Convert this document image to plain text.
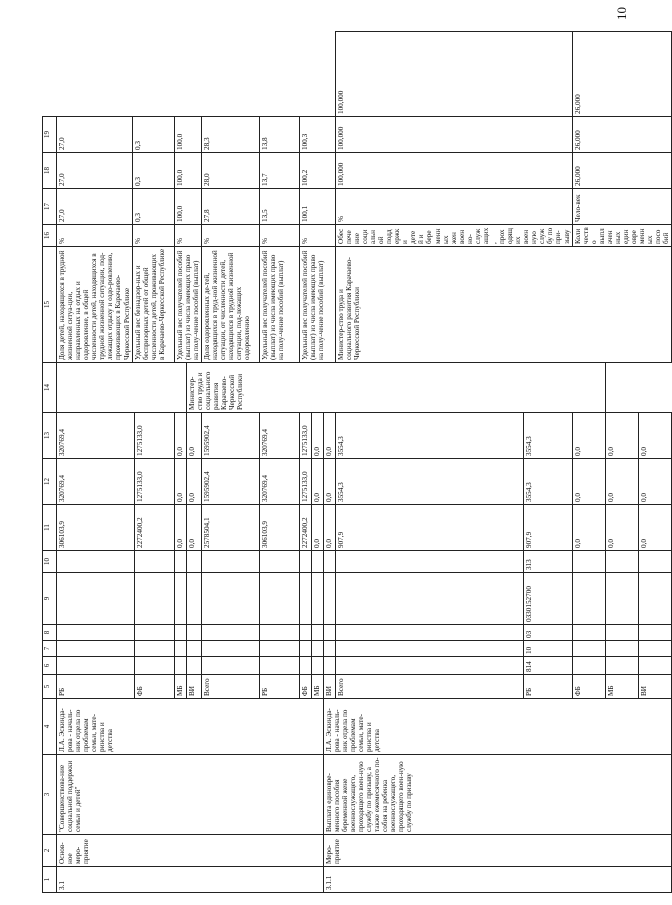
10
1	2	3	4	5	6	7	8	9	10	11	12	13	14	15	16	17	18	19	
3.1	Основ-ное меро-приятие	"Совершенствова-ние социальной поддержки семьи и детей"	Л.А. Эскинда-рова - началь-ник отдела по проблемам семьи, мате-ринства и детства	РБ						306103,9	320769,4	320769,4		Доля детей, находящихся в трудной жизненной ситуа-ции, направленных на отдых и оздоровление, в общей численности детей, находящихся в трудной жизненной ситуации, под-лежащих отдыху и оздо-ровлению, проживающих в Карачаево-Черкесской Республике	%	27,0	27,0	27,0	
														Удельный вес безнадзор-ных и беспризорных детей от общей численности детей, проживающих в Карачаево-Черкесской Республике	%	0,3	0,3	0,3	
				ФБ						2272400,2	1275133,0	1275133,0							
				МБ						0,0	0,0	0,0		Удельный вес получателей пособий (выплат) из числа имеющих право на полу-чение пособий (выплат)	%	100,0	100,0	100,0	
				ВИ						0,0	0,0	0,0	Министер-ство труда и социального развития Карачаево-Черкесской Республики						
				Всего						2578504,1	1595902,4	1595902,4		Доля оздоровленных де-тей, находящихся в труд-ной жизненной ситуации, от численности детей, находящихся в трудной жизненной ситуации, под-лежащих оздоровлению	%	27,8	28,0	28,3	
				РБ						306103,9	320769,4	320769,4		Удельный вес получателей пособий (выплат) из числа имеющих право на полу-чение пособий (выплат)	%	13,5	13,7	13,8	
				ФБ						2272400,2	1275133,0	1275133,0		Удельный вес получателей пособий (выплат) из числа имеющих право на полу-чение пособий (выплат)	%	100,1	100,2	100,3	
				МБ						0,0	0,0	0,0							
3.1.1	Меро-приятие	Выплата единовре-менного пособия беременной жене военнослужащего, проходящего воен-ную службу по призыву, а также ежемесячного по-собия на ребенка военнослужащего, проходящего воен-ную службу по призыву	Л.А. Эскинда-рова - началь-ник отдела по проблемам семьи, мате-ринства и детства	ВИ						0,0	0,0	0,0							
				Всего						907,9	3554,3	3554,3		Министер-ство труда и социального развития Карачаево-Черкесской Республики	Обеспечение социальной поддержки детей и беременных жен военно-служащих, проходящих военную службу по при-зыву	%	100,000	100,000	100,000
				РБ	814	10	03	0330152700	313	907,9	3554,3	3554,3							
				ФБ						0,0	0,0	0,0			Количество выплаченных единовременных пособий	Чело-век	26,000	26,000	26,000
				МБ						0,0	0,0	0,0							
				ВИ						0,0	0,0	0,0							
